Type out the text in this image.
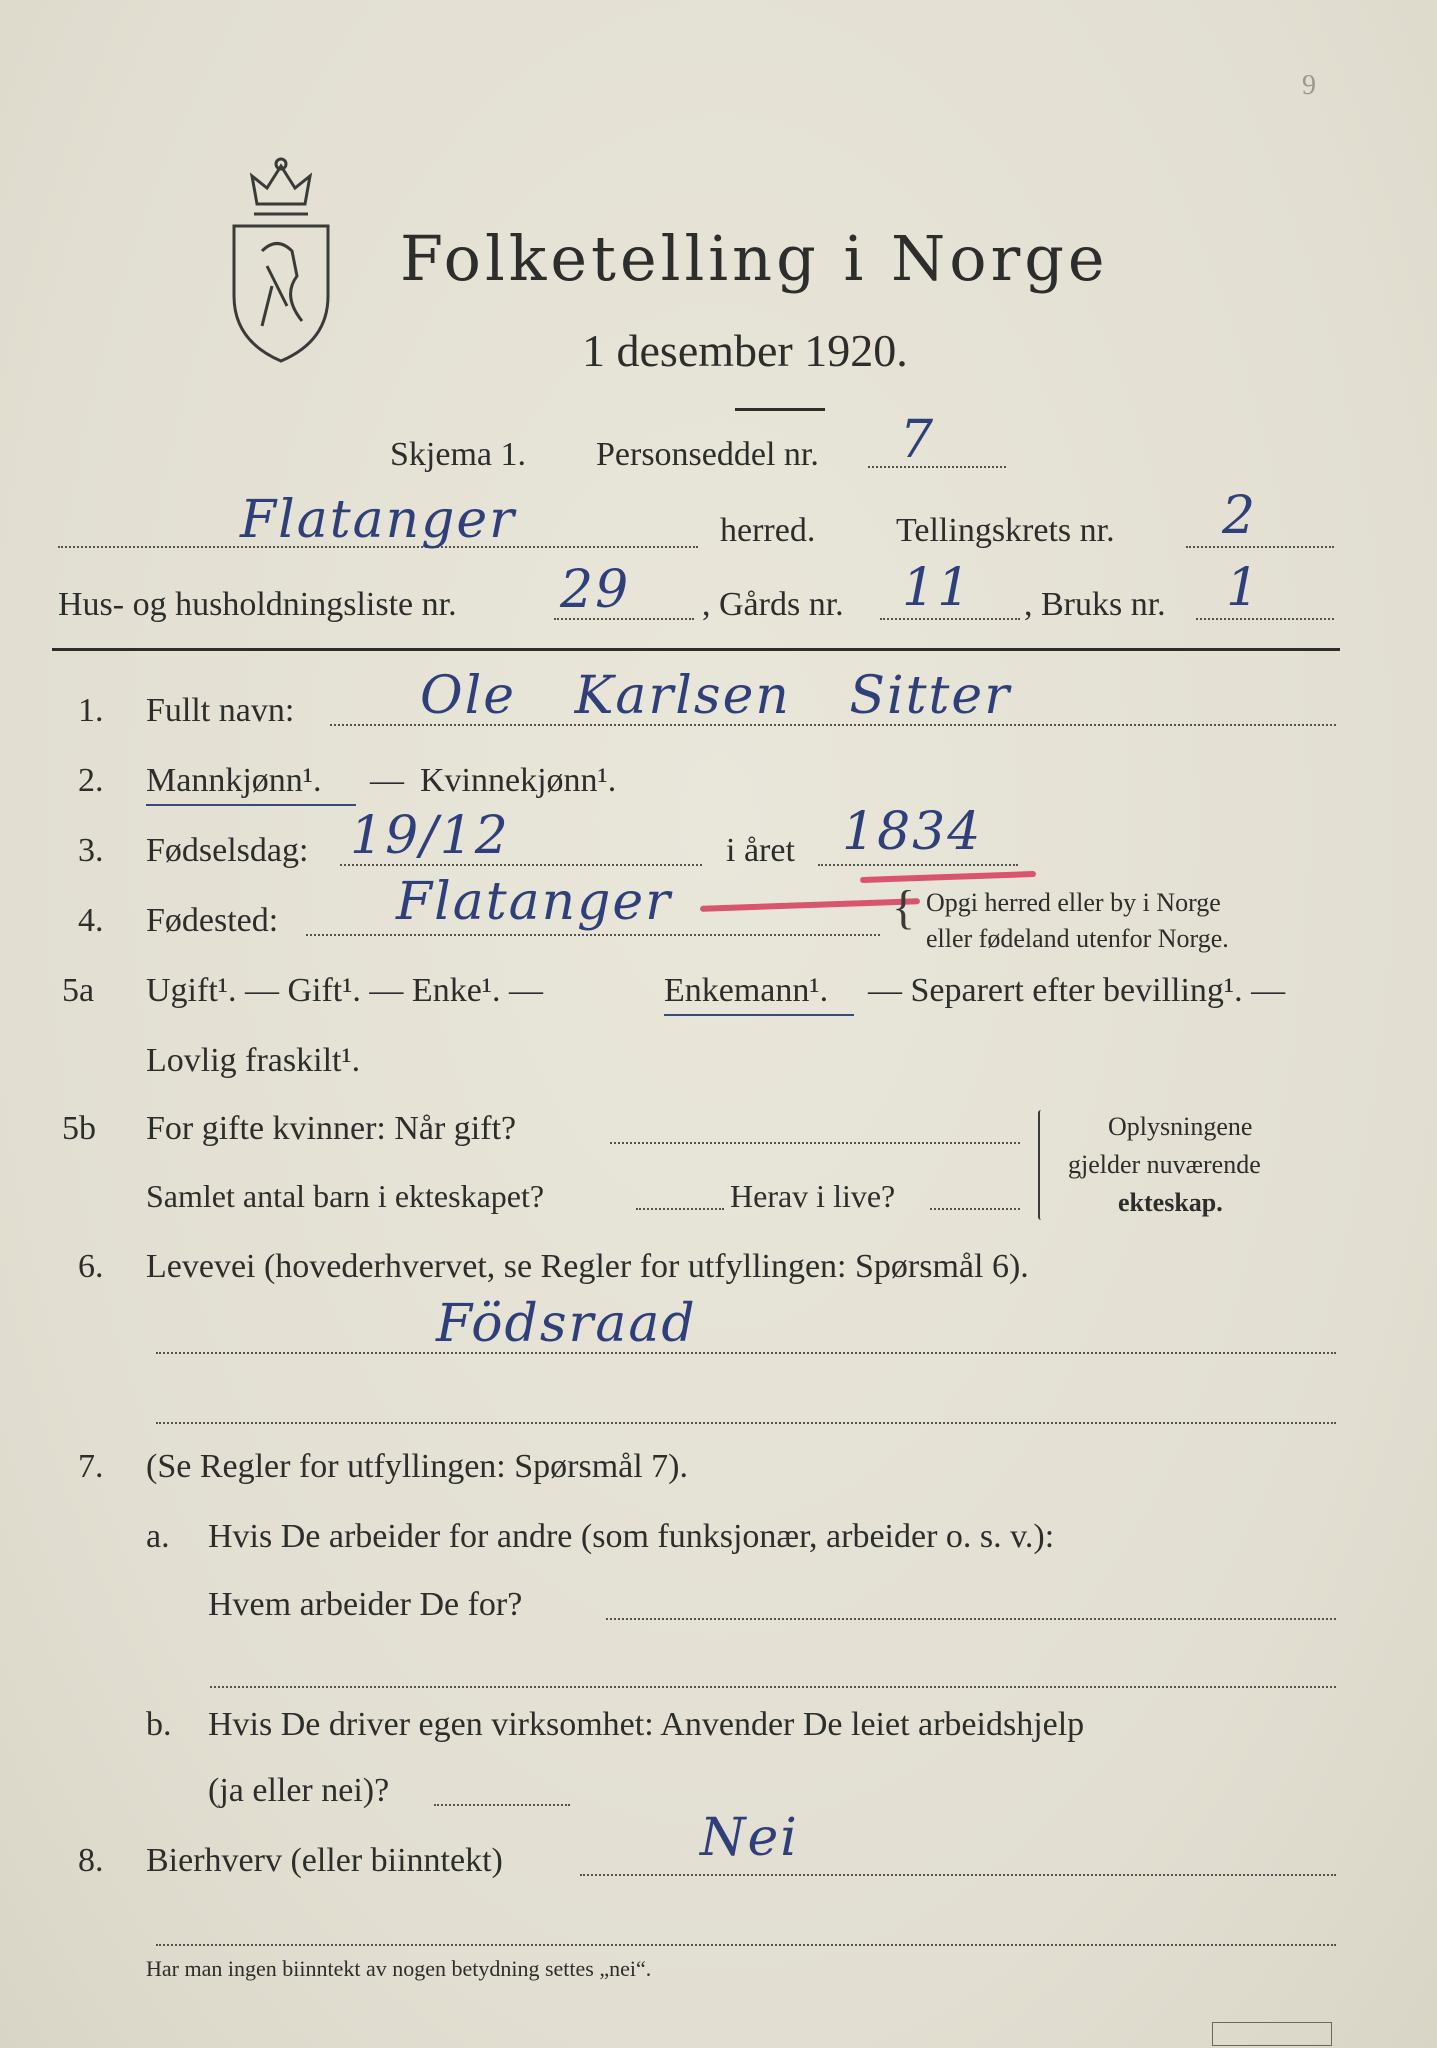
9
Folketelling i Norge
1 desember 1920.
Skjema 1. Personseddel nr. 7
Flatanger	herred. Tellingskrets nr. 2
Hus- og husholdningsliste nr. 29 , Gårds nr. 11 , Bruks nr. 1
1. Fullt navn: Ole Karlsen Sitter
2. Mannkjønn¹. — Kvinnekjønn¹.
3. Fødselsdag: 19/12	i året 1834
4. Fødested: Flatanger	{ Opgi herred eller by i Norge
eller fødeland utenfor Norge.
5a Ugift¹. — Gift¹. — Enke¹. —	Enkemann¹. — Separert efter bevilling¹. —
Lovlig fraskilt¹.
5b For gifte kvinner: Når gift?
Samlet antal barn i ekteskapet?	Herav i live?
Oplysningene
gjelder nuværende
ekteskap.
6. Levevei (hovederhvervet, se Regler for utfyllingen: Spørsmål 6).
Födsraad
7. (Se Regler for utfyllingen: Spørsmål 7).
a. Hvis De arbeider for andre (som funksjonær, arbeider o. s. v.):
Hvem arbeider De for?
b. Hvis De driver egen virksomhet: Anvender De leiet arbeidshjelp
(ja eller nei)?
8. Bierhverv (eller biinntekt)	Nei
Har man ingen biinntekt av nogen betydning settes „nei“.
